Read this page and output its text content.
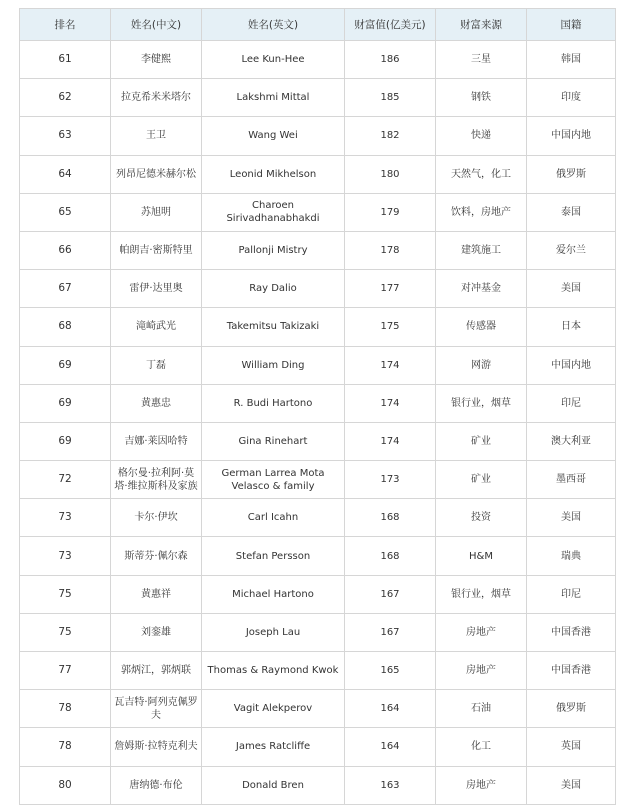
排名	姓名(中文)	姓名(英文)	财富值(亿美元)	财富来源	国籍
61	李健熙	Lee Kun-Hee	186	三星	韩国
62	拉克希米米塔尔	Lakshmi Mittal	185	钢铁	印度
63	王卫	Wang Wei	182	快递	中国内地
64	列昂尼德米赫尔松	Leonid Mikhelson	180	天然气，化工	俄罗斯
65	苏旭明	Charoen Sirivadhanabhakdi	179	饮料，房地产	泰国
66	帕朗吉·密斯特里	Pallonji Mistry	178	建筑施工	爱尔兰
67	雷伊·达里奥	Ray Dalio	177	对冲基金	美国
68	滝崎武光	Takemitsu Takizaki	175	传感器	日本
69	丁磊	William Ding	174	网游	中国内地
69	黄惠忠	R. Budi Hartono	174	银行业，烟草	印尼
69	吉娜·莱因哈特	Gina Rinehart	174	矿业	澳大利亚
72	格尔曼·拉利阿·莫塔·维拉斯科及家族	German Larrea Mota Velasco & family	173	矿业	墨西哥
73	卡尔·伊坎	Carl Icahn	168	投资	美国
73	斯蒂芬·佩尔森	Stefan Persson	168	H&M	瑞典
75	黄惠祥	Michael Hartono	167	银行业，烟草	印尼
75	刘銮雄	Joseph Lau	167	房地产	中国香港
77	郭炳江，郭炳联	Thomas & Raymond Kwok	165	房地产	中国香港
78	瓦吉特·阿列克佩罗夫	Vagit Alekperov	164	石油	俄罗斯
78	詹姆斯·拉特克利夫	James Ratcliffe	164	化工	英国
80	唐纳德·布伦	Donald Bren	163	房地产	美国
